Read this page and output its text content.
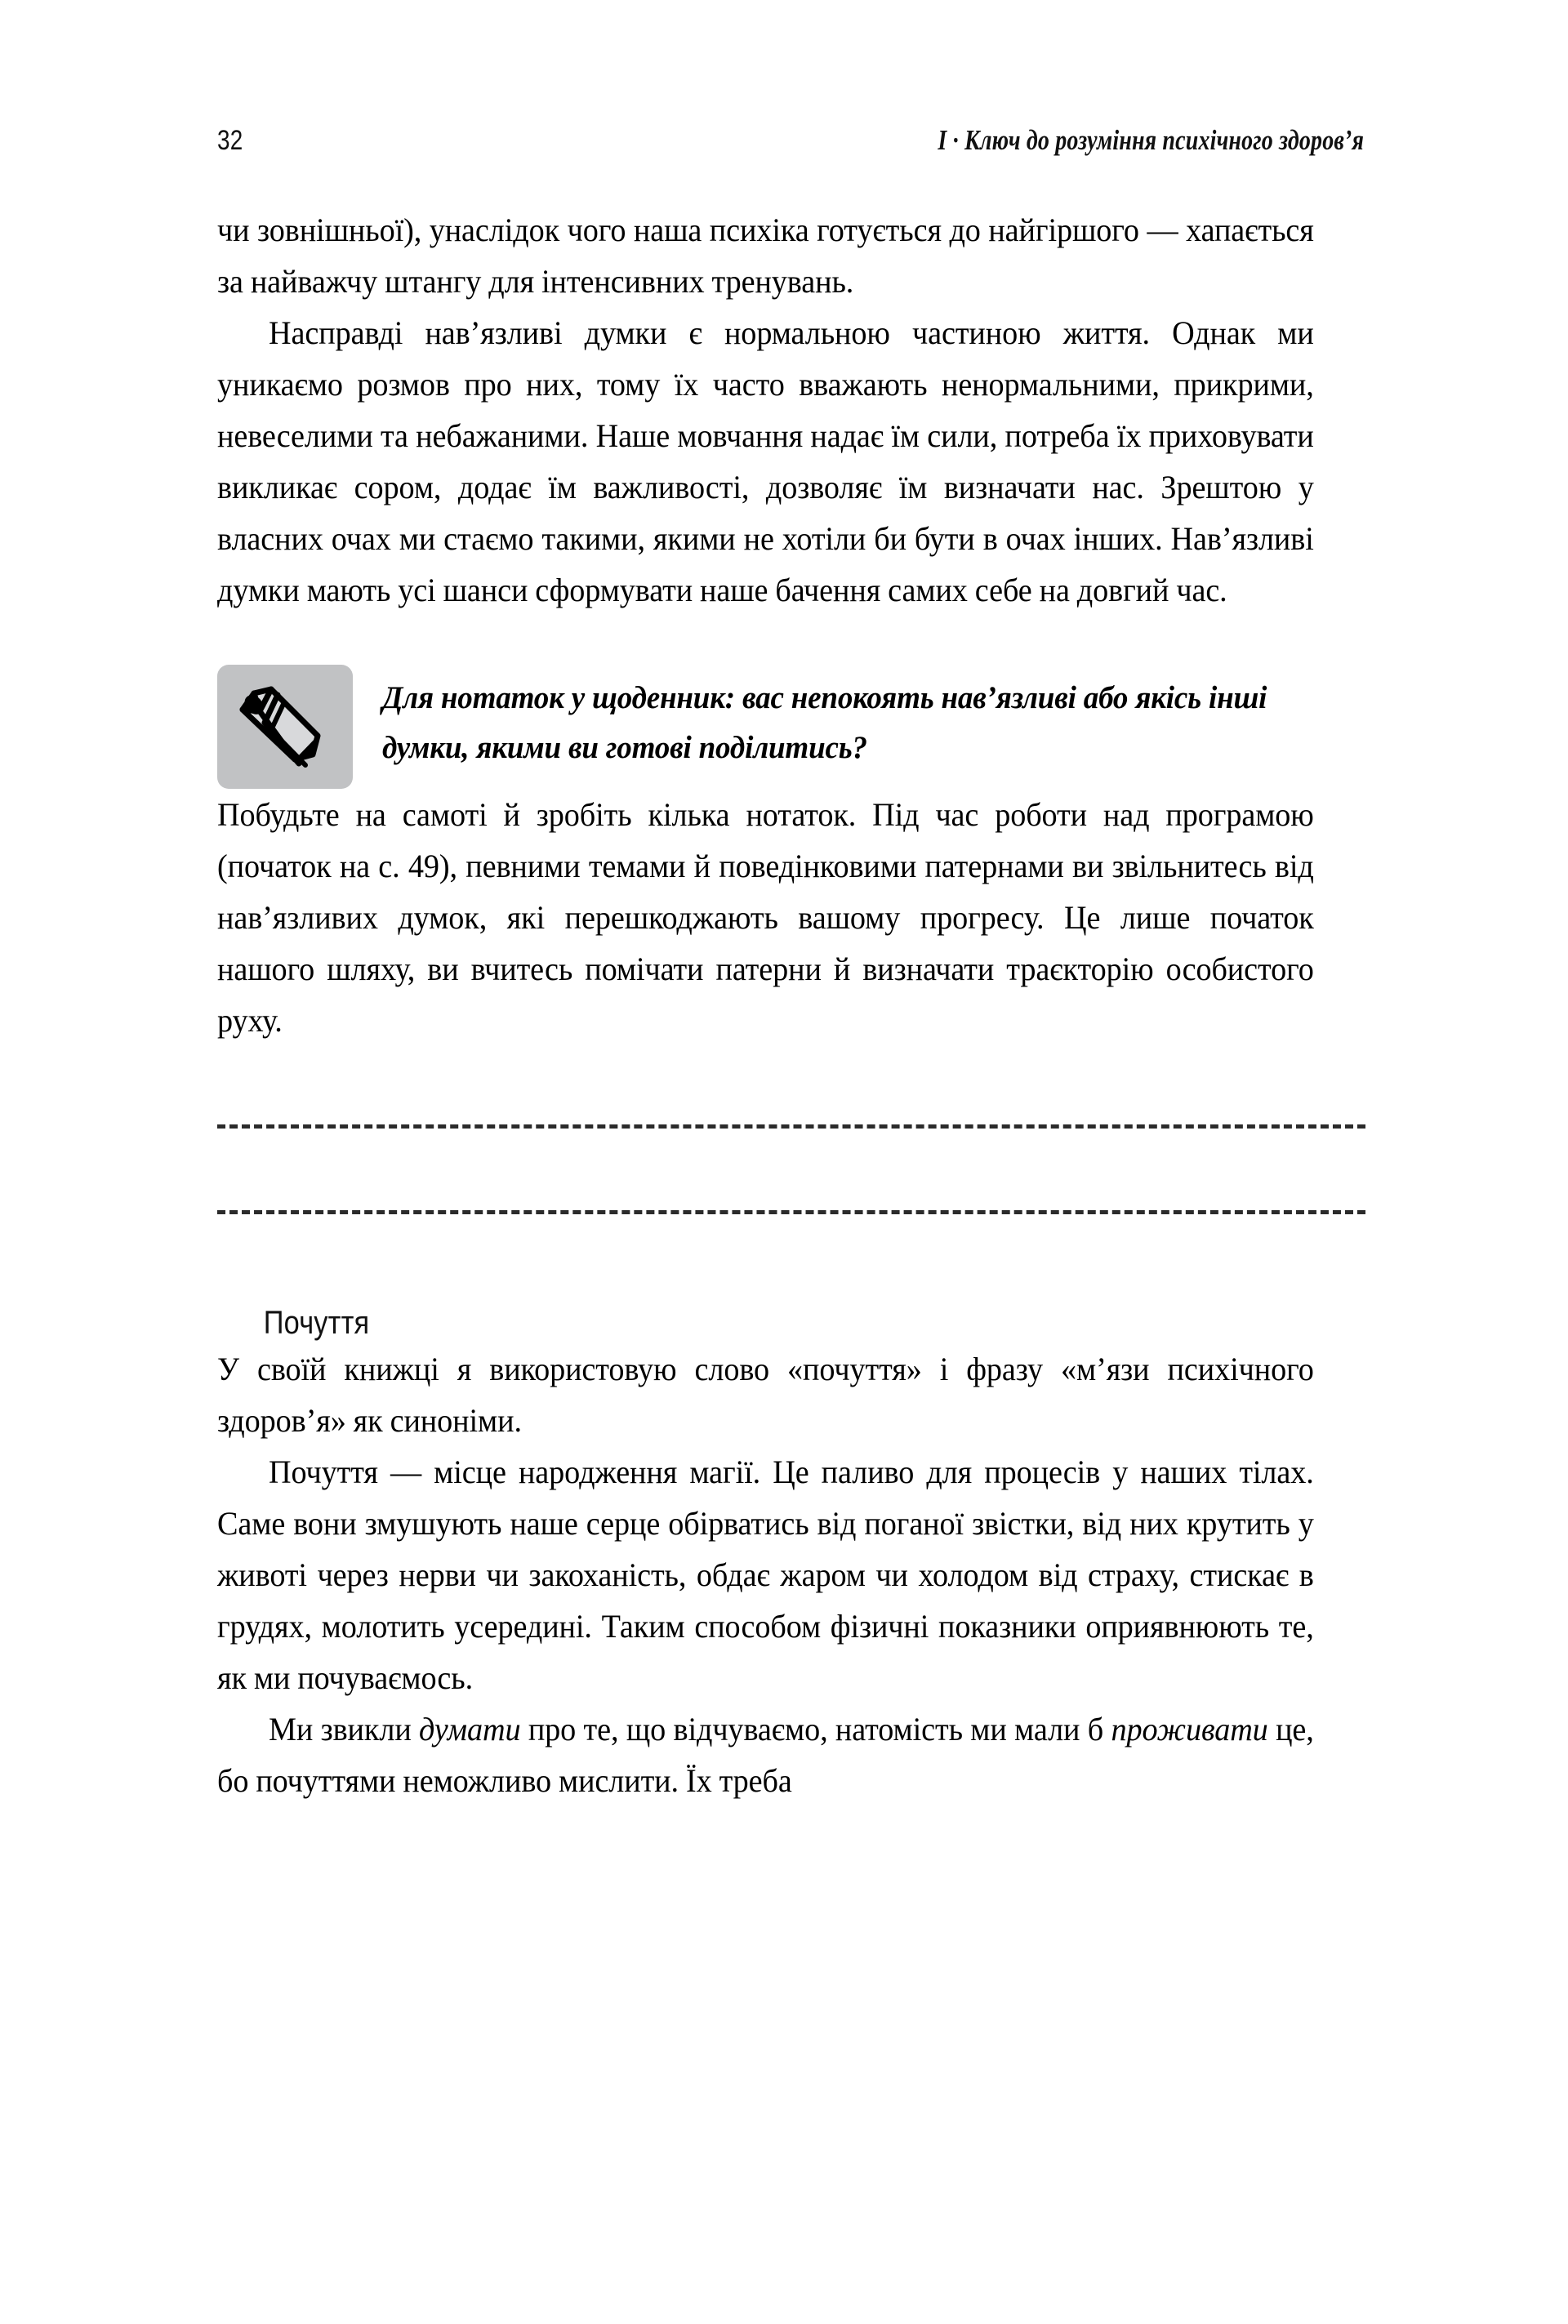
32	І · Ключ до розуміння психічного здоров’я

чи зовнішньої), унаслідок чого наша психіка готується до найгіршого — хапається за найважчу штангу для інтенсивних тренувань.

Насправді нав’язливі думки є нормальною частиною життя. Однак ми уникаємо розмов про них, тому їх часто вважають ненормальними, прикрими, невеселими та небажаними. Наше мовчання надає їм сили, потреба їх приховувати викликає сором, додає їм важливості, дозволяє їм визначати нас. Зрештою у власних очах ми стаємо такими, якими не хотіли би бути в очах інших. Нав’язливі думки мають усі шанси сформувати наше бачення самих себе на довгий час.

Для нотаток у щоденник: вас непокоять нав’язливі або якісь інші думки, якими ви готові поділитись?

Побудьте на самоті й зробіть кілька нотаток. Під час роботи над програмою (початок на с. 49), певними темами й поведінковими патернами ви звільнитесь від нав’язливих думок, які перешкоджають вашому прогресу. Це лише початок нашого шляху, ви вчитесь помічати патерни й визначати траєкторію особистого руху.

Почуття

У своїй книжці я використовую слово «почуття» і фразу «м’язи психічного здоров’я» як синоніми.

Почуття — місце народження магії. Це паливо для процесів у наших тілах. Саме вони змушують наше серце обірватись від поганої звістки, від них крутить у животі через нерви чи закоханість, обдає жаром чи холодом від страху, стискає в грудях, молотить усередині. Таким способом фізичні показники оприявнюють те, як ми почуваємось.

Ми звикли думати про те, що відчуваємо, натомість ми мали б проживати це, бо почуттями неможливо мислити. Їх треба
